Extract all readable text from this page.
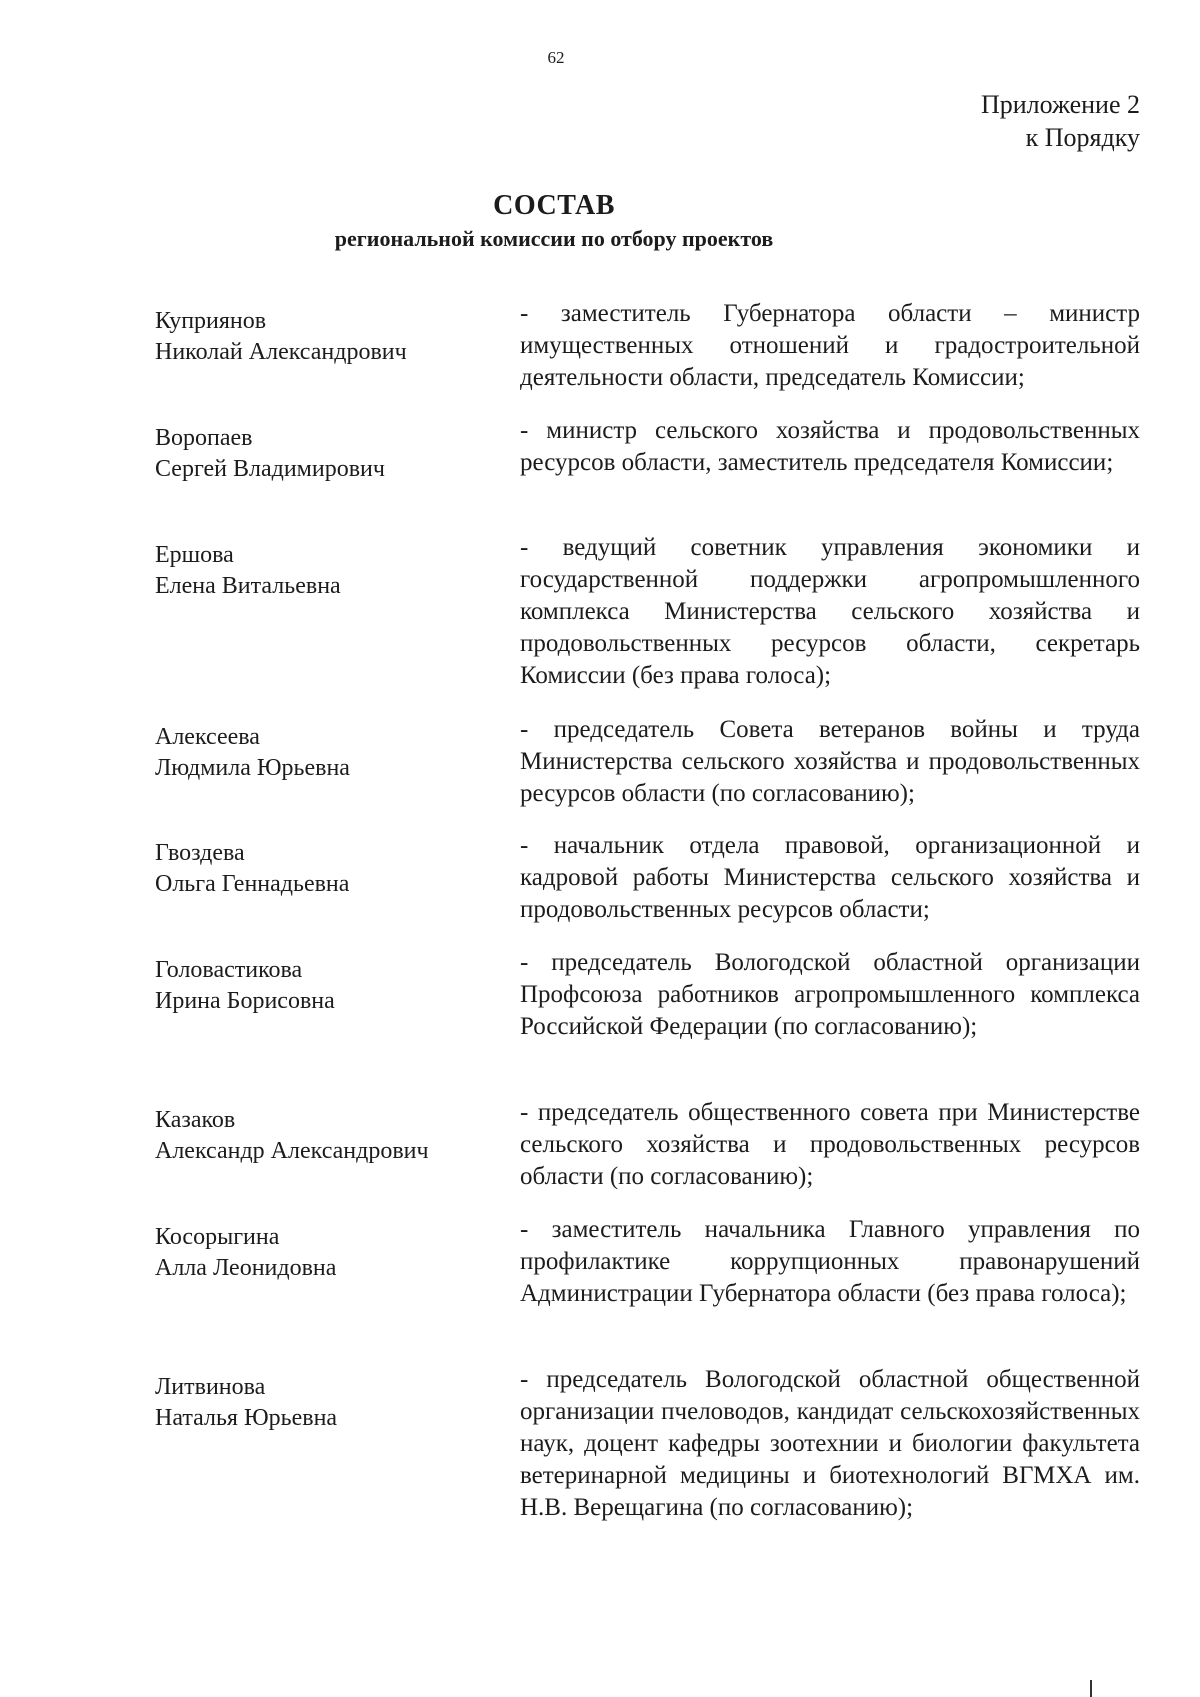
62
Приложение 2
к Порядку
СОСТАВ
региональной комиссии по отбору проектов
Куприянов
Николай Александрович
- заместитель Губернатора области – министр имущественных отношений и градостроительной деятельности области, председатель Комиссии;
Воропаев
Сергей Владимирович
- министр сельского хозяйства и продовольственных ресурсов области, заместитель председателя Комиссии;
Ершова
Елена Витальевна
- ведущий советник управления экономики и государственной поддержки агропромышленного комплекса Министерства сельского хозяйства и продовольственных ресурсов области, секретарь Комиссии (без права голоса);
Алексеева
Людмила Юрьевна
- председатель Совета ветеранов войны и труда Министерства сельского хозяйства и продовольственных ресурсов области (по согласованию);
Гвоздева
Ольга Геннадьевна
- начальник отдела правовой, организационной и кадровой работы Министерства сельского хозяйства и продовольственных ресурсов области;
Головастикова
Ирина Борисовна
- председатель Вологодской областной организации Профсоюза работников агропромышленного комплекса Российской Федерации (по согласованию);
Казаков
Александр Александрович
- председатель общественного совета при Министерстве сельского хозяйства и продовольственных ресурсов области (по согласованию);
Косорыгина
Алла Леонидовна
- заместитель начальника Главного управления по профилактике коррупционных правонарушений Администрации Губернатора области (без права голоса);
Литвинова
Наталья Юрьевна
- председатель Вологодской областной общественной организации пчеловодов, кандидат сельскохозяйственных наук, доцент кафедры зоотехнии и биологии факультета ветеринарной медицины и биотехнологий ВГМХА им. Н.В. Верещагина (по согласованию);
